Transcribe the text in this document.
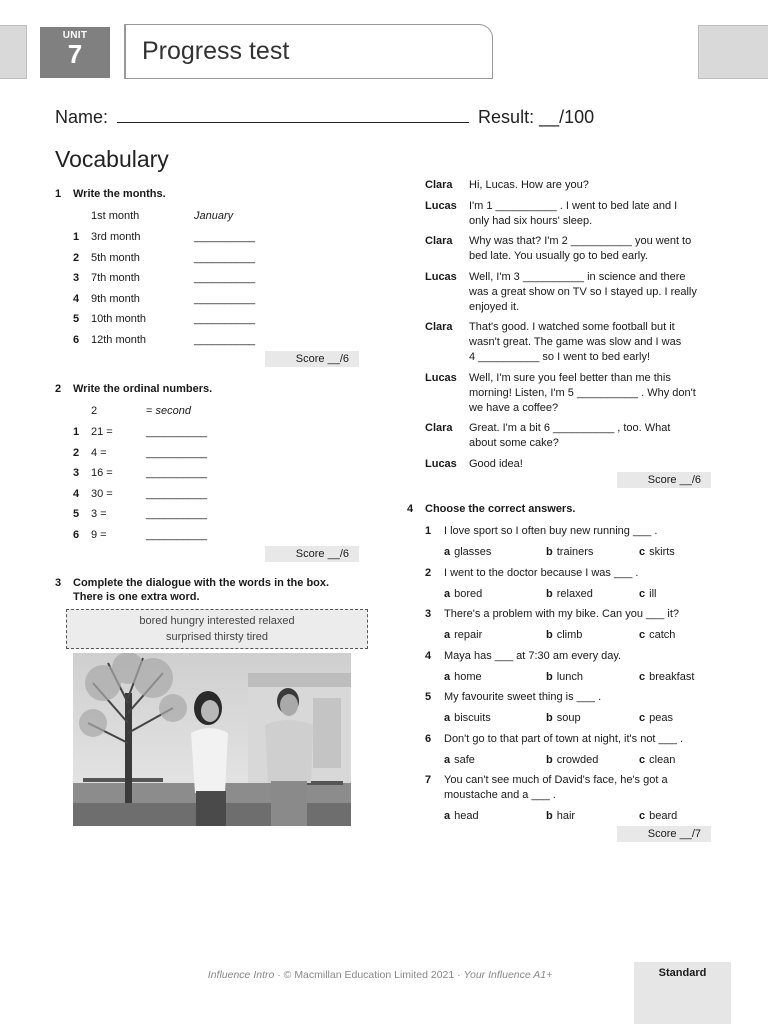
UNIT
7	Progress test
Name:	Result: __/100
Vocabulary
1 Write the months.
1st month	January
1 3rd month	__________
2 5th month	__________
3 7th month	__________
4 9th month	__________
5 10th month	__________
6 12th month	__________
Score __/6
2 Write the ordinal numbers.
2	= second
1 21 =	__________
2 4 =	__________
3 16 =	__________
4 30 =	__________
5 3 =	__________
6 9 =	__________
Score __/6
3 Complete the dialogue with the words in the box.
There is one extra word.
bored hungry interested relaxed
surprised thirsty tired
Clara Hi, Lucas. How are you?
Lucas I'm 1 __________ . I went to bed late and I
only had six hours' sleep.
Clara Why was that? I'm 2 __________ you went to
bed late. You usually go to bed early.
Lucas Well, I'm 3 __________ in science and there
was a great show on TV so I stayed up. I really
enjoyed it.
Clara That's good. I watched some football but it
wasn't great. The game was slow and I was
4 __________ so I went to bed early!
Lucas Well, I'm sure you feel better than me this
morning! Listen, I'm 5 __________ . Why don't
we have a coffee?
Clara Great. I'm a bit 6 __________ , too. What
about some cake?
Lucas Good idea!
Score __/6
4 Choose the correct answers.
1 I love sport so I often buy new running ___ .
a glasses	b trainers	c skirts
2 I went to the doctor because I was ___ .
a bored	b relaxed	c ill
3 There's a problem with my bike. Can you ___ it?
a repair	b climb	c catch
4 Maya has ___ at 7:30 am every day.
a home	b lunch	c breakfast
5 My favourite sweet thing is ___ .
a biscuits	b soup	c peas
6 Don't go to that part of town at night, it's not ___ .
a safe	b crowded	c clean
7 You can't see much of David's face, he's got a
moustache and a ___ .
a head	b hair	c beard
Score __/7
Influence Intro · © Macmillan Education Limited 2021 · Your Influence A1+	Standard
